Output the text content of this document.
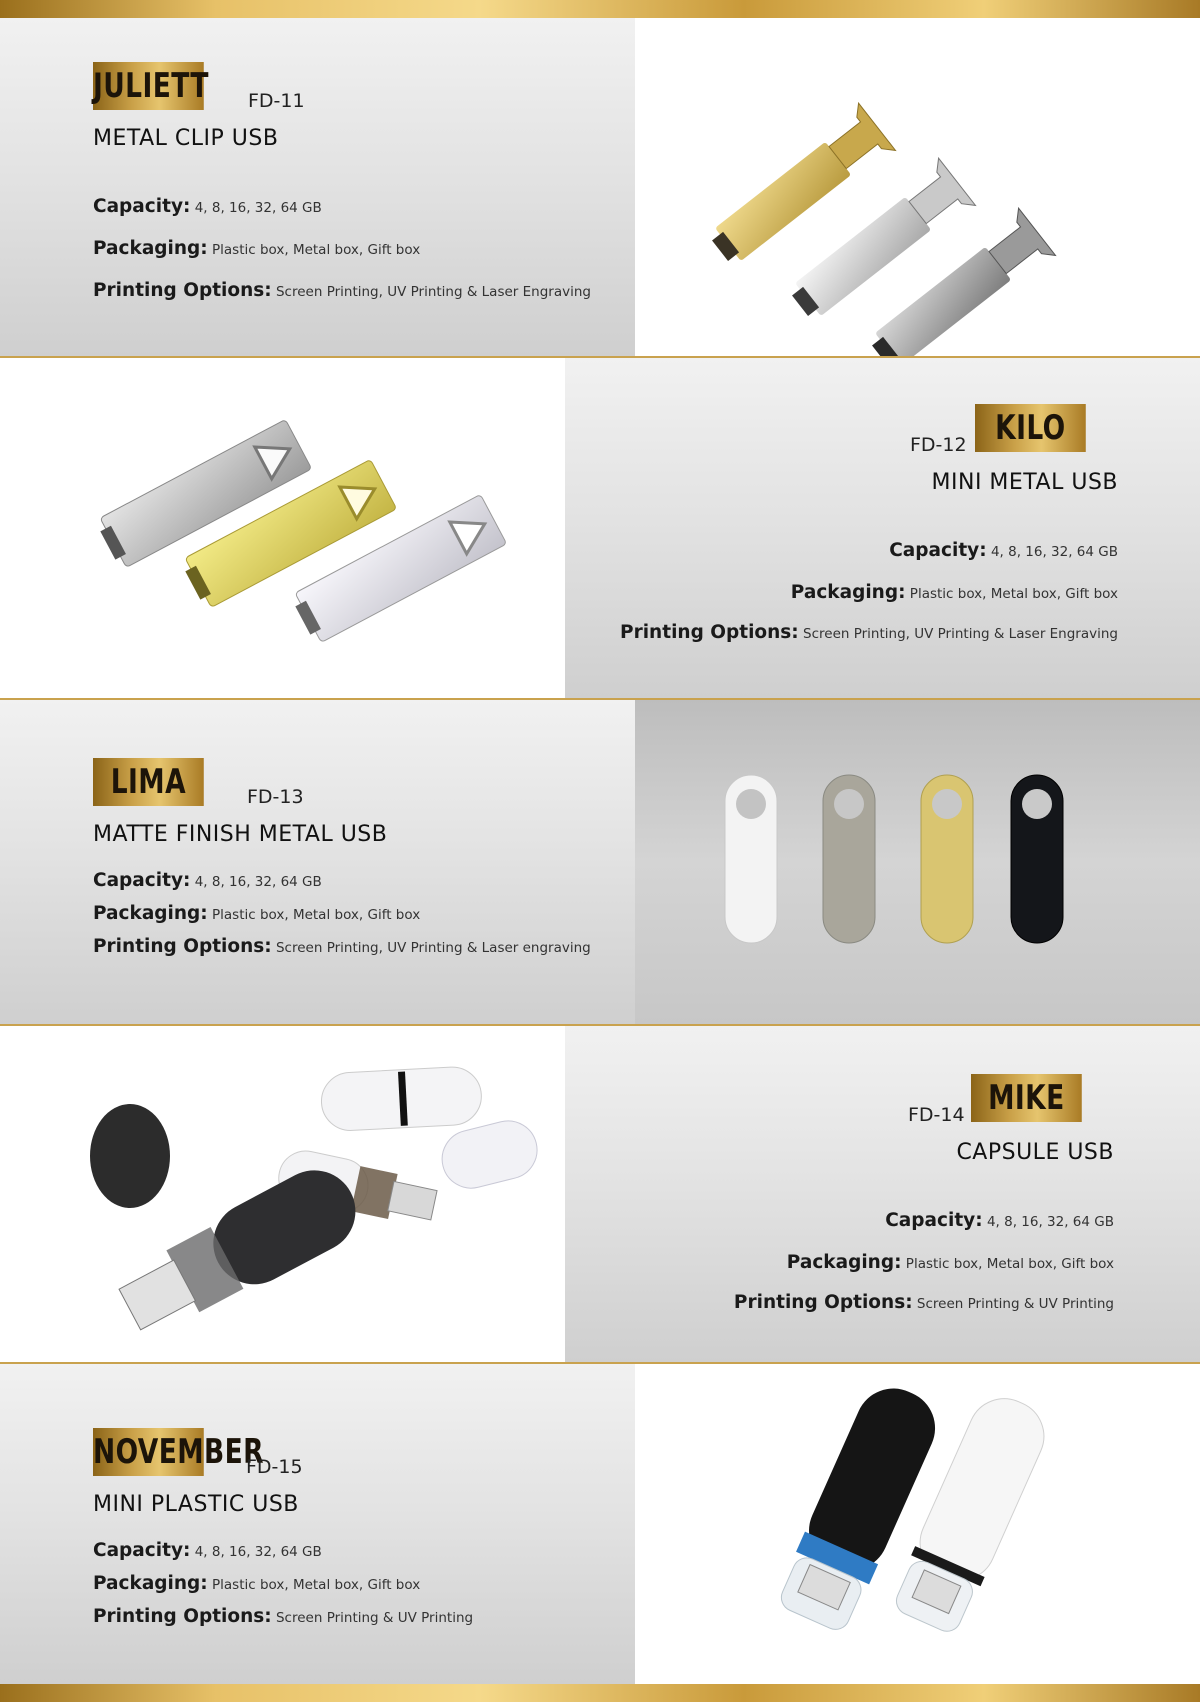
JULIETT FD-11
METAL CLIP USB
Capacity: 4, 8, 16, 32, 64 GB
Packaging: Plastic box, Metal box, Gift box
Printing Options: Screen Printing, UV Printing & Laser Engraving
FD-12 KILO
MINI METAL USB
Capacity: 4, 8, 16, 32, 64 GB
Packaging: Plastic box, Metal box, Gift box
Printing Options: Screen Printing, UV Printing & Laser Engraving
LIMA	FD-13
MATTE FINISH METAL USB
Capacity: 4, 8, 16, 32, 64 GB
Packaging: Plastic box, Metal box, Gift box
Printing Options: Screen Printing, UV Printing & Laser engraving
FD-14 MIKE
CAPSULE USB
Capacity: 4, 8, 16, 32, 64 GB
Packaging: Plastic box, Metal box, Gift box
Printing Options: Screen Printing & UV Printing
NOVEMBER
FD-15
MINI PLASTIC USB
Capacity: 4, 8, 16, 32, 64 GB
Packaging: Plastic box, Metal box, Gift box
Printing Options: Screen Printing & UV Printing
